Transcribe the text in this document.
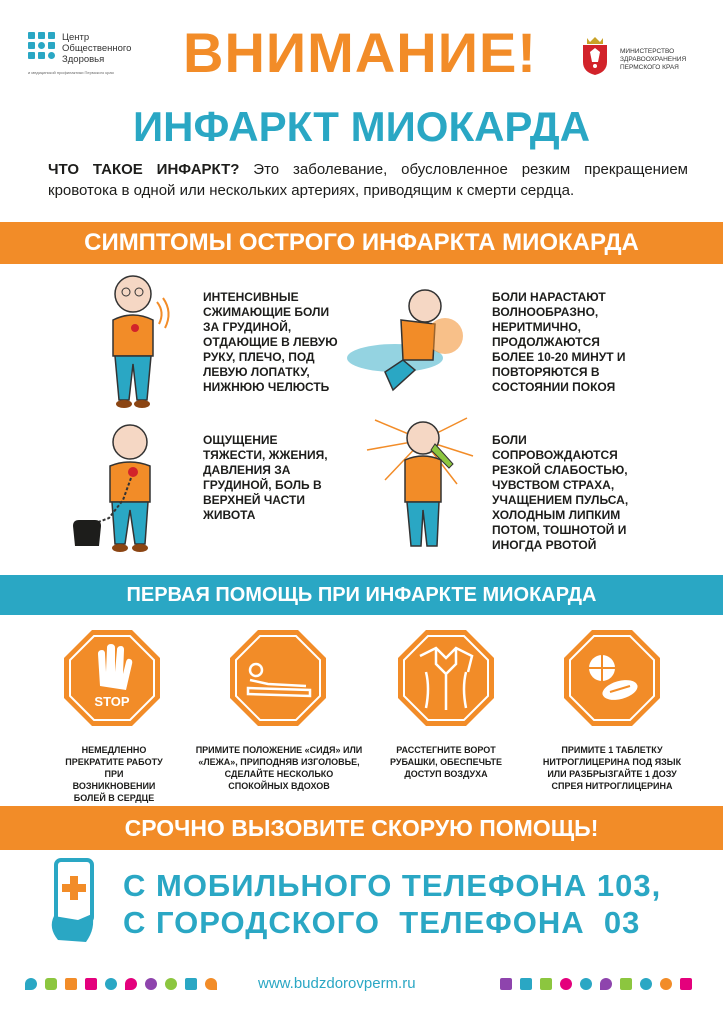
Центр
Общественного
Здоровья
и медицинской профилактики Пермского края	ВНИМАНИЕ!	МИНИСТЕРСТВО
ЗДРАВООХРАНЕНИЯ
ПЕРМСКОГО КРАЯ
ИНФАРКТ МИОКАРДА
ЧТО ТАКОЕ ИНФАРКТ? Это заболевание, обусловленное резким прекращением кровотока в одной или нескольких артериях, приводящим к смерти сердца.
СИМПТОМЫ ОСТРОГО ИНФАРКТА МИОКАРДА
ИНТЕНСИВНЫЕ СЖИМАЮЩИЕ БОЛИ ЗА ГРУДИНОЙ, ОТДАЮЩИЕ В ЛЕВУЮ РУКУ, ПЛЕЧО, ПОД ЛЕВУЮ ЛОПАТКУ, НИЖНЮЮ ЧЕЛЮСТЬ
БОЛИ НАРАСТАЮТ ВОЛНООБРАЗНО, НЕРИТМИЧНО, ПРОДОЛЖАЮТСЯ БОЛЕЕ 10-20 МИНУТ И ПОВТОРЯЮТСЯ В СОСТОЯНИИ ПОКОЯ
ОЩУЩЕНИЕ ТЯЖЕСТИ, ЖЖЕНИЯ, ДАВЛЕНИЯ ЗА ГРУДИНОЙ, БОЛЬ В ВЕРХНЕЙ ЧАСТИ ЖИВОТА
БОЛИ СОПРОВОЖДАЮТСЯ РЕЗКОЙ СЛАБОСТЬЮ, ЧУВСТВОМ СТРАХА, УЧАЩЕНИЕМ ПУЛЬСА, ХОЛОДНЫМ ЛИПКИМ ПОТОМ, ТОШНОТОЙ И ИНОГДА РВОТОЙ
ПЕРВАЯ ПОМОЩЬ ПРИ ИНФАРКТЕ МИОКАРДА
STOP
НЕМЕДЛЕННО ПРЕКРАТИТЕ РАБОТУ ПРИ ВОЗНИКНОВЕНИИ БОЛЕЙ В СЕРДЦЕ
ПРИМИТЕ ПОЛОЖЕНИЕ «СИДЯ» ИЛИ «ЛЕЖА», ПРИПОДНЯВ ИЗГОЛОВЬЕ, СДЕЛАЙТЕ НЕСКОЛЬКО СПОКОЙНЫХ ВДОХОВ
РАССТЕГНИТЕ ВОРОТ РУБАШКИ, ОБЕСПЕЧЬТЕ ДОСТУП ВОЗДУХА
ПРИМИТЕ 1 ТАБЛЕТКУ НИТРОГЛИЦЕРИНА ПОД ЯЗЫК ИЛИ РАЗБРЫЗГАЙТЕ 1 ДОЗУ СПРЕЯ НИТРОГЛИЦЕРИНА
СРОЧНО ВЫЗОВИТЕ СКОРУЮ ПОМОЩЬ!
С МОБИЛЬНОГО ТЕЛЕФОНА 103,
С ГОРОДСКОГО  ТЕЛЕФОНА  03
www.budzdorovperm.ru
